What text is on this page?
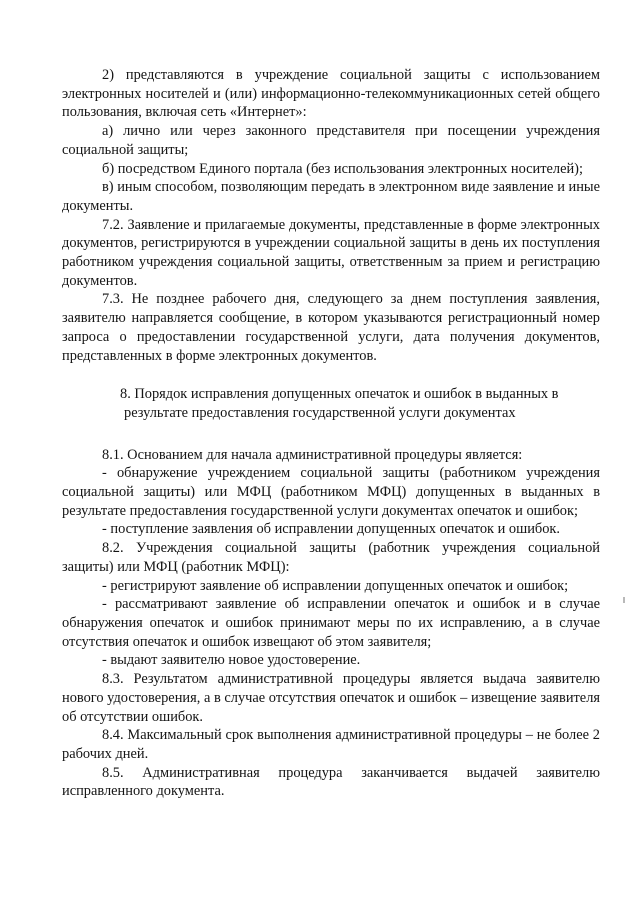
2) представляются в учреждение социальной защиты с использованием электронных носителей и (или) информационно-телекоммуникационных сетей общего пользования, включая сеть «Интернет»:

а) лично или через законного представителя при посещении учреждения социальной защиты;

б) посредством Единого портала (без использования электронных носителей);

в) иным способом, позволяющим передать в электронном виде заявление и иные документы.

7.2. Заявление и прилагаемые документы, представленные в форме электронных документов, регистрируются в учреждении социальной защиты в день их поступления работником учреждения социальной защиты, ответственным за прием и регистрацию документов.

7.3. Не позднее рабочего дня, следующего за днем поступления заявления, заявителю направляется сообщение, в котором указываются регистрационный номер запроса о предоставлении государственной услуги, дата получения документов, представленных в форме электронных документов.

8. Порядок исправления допущенных опечаток и ошибок в выданных в
результате предоставления государственной услуги документах

8.1. Основанием для начала административной процедуры является:

- обнаружение учреждением социальной защиты (работником учреждения социальной защиты) или МФЦ (работником МФЦ) допущенных в выданных в результате предоставления государственной услуги документах опечаток и ошибок;

- поступление заявления об исправлении допущенных опечаток и ошибок.

8.2. Учреждения социальной защиты (работник учреждения социальной защиты) или МФЦ (работник МФЦ):

- регистрируют заявление об исправлении допущенных опечаток и ошибок;

- рассматривают заявление об исправлении опечаток и ошибок и в случае обнаружения опечаток и ошибок принимают меры по их исправлению, а в случае отсутствия опечаток и ошибок извещают об этом заявителя;

- выдают заявителю новое удостоверение.

8.3. Результатом административной процедуры является выдача заявителю нового удостоверения, а в случае отсутствия опечаток и ошибок – извещение заявителя об отсутствии ошибок.

8.4. Максимальный срок выполнения административной процедуры – не более 2 рабочих дней.

8.5. Административная процедура заканчивается выдачей заявителю исправленного документа.
